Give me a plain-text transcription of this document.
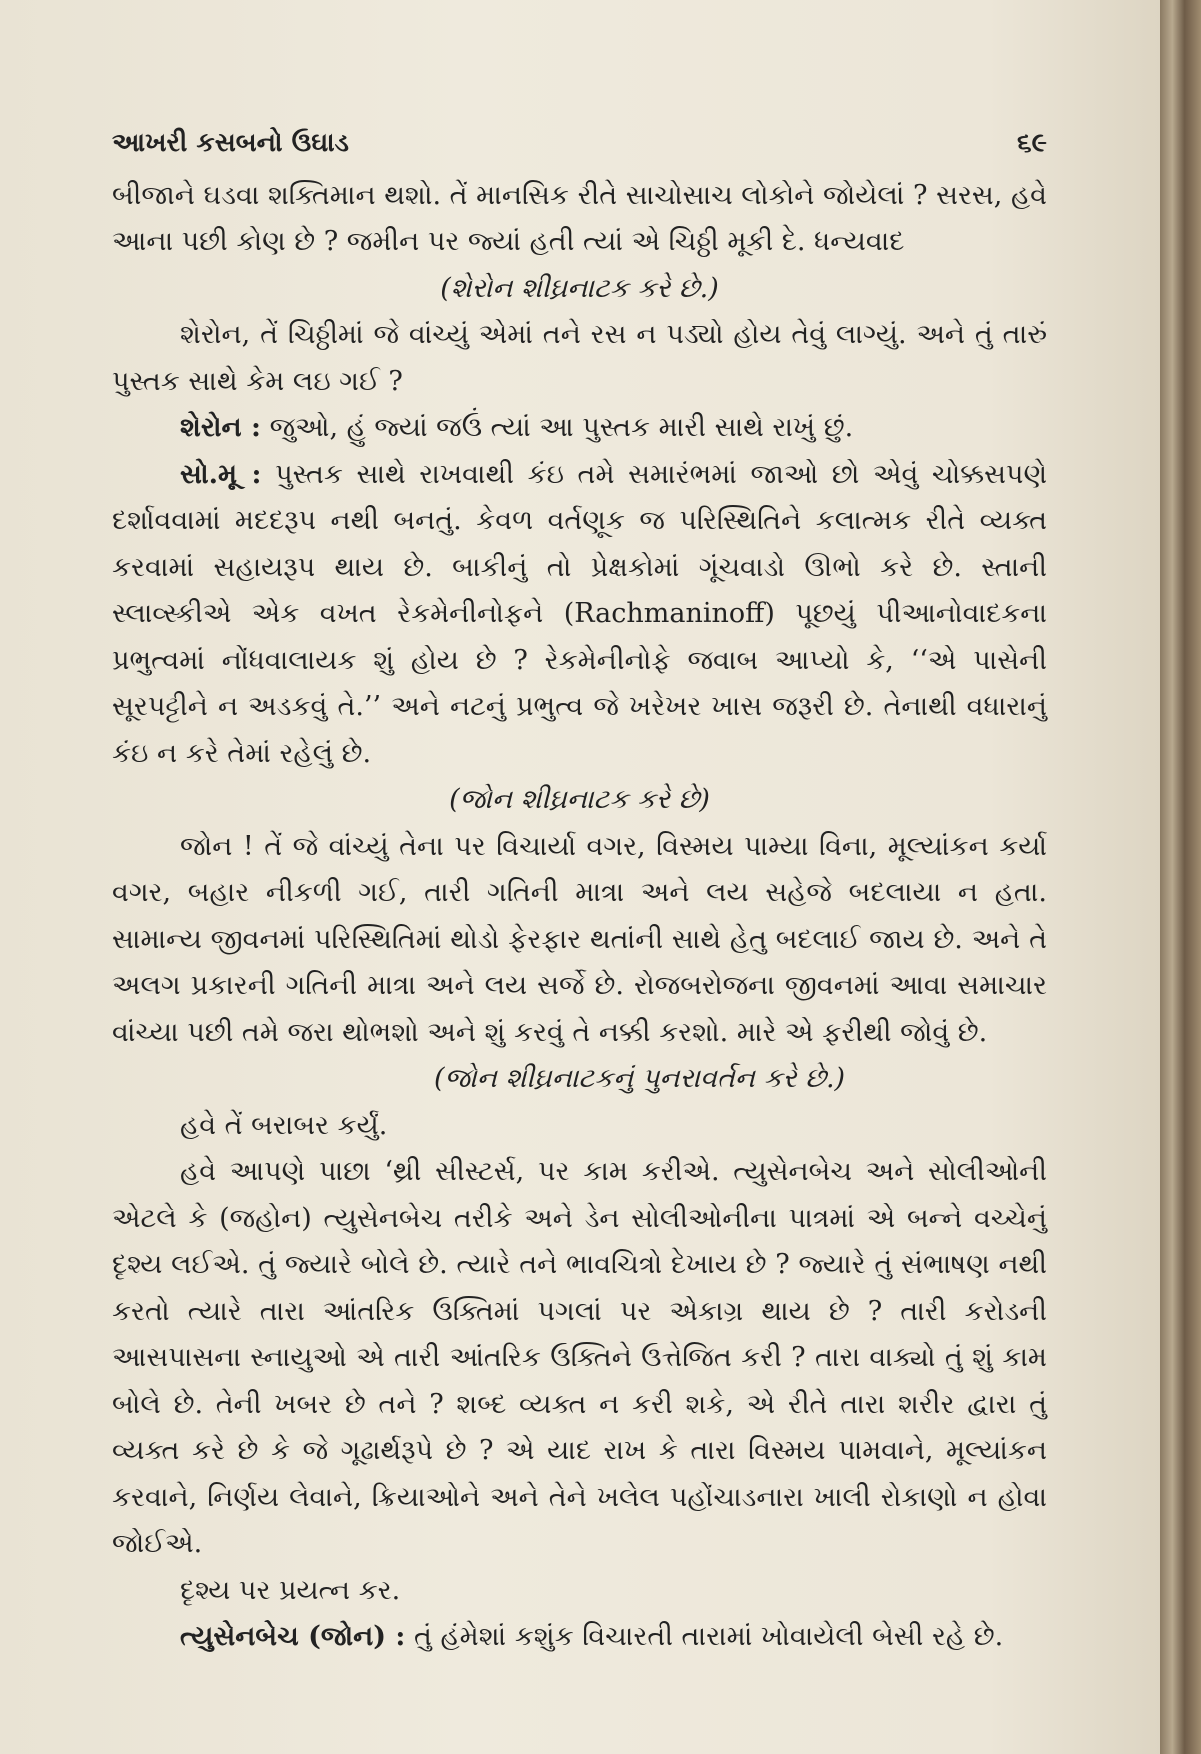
આખરી કસબનો ઉઘાડ	૬૯

બીજાને ઘડવા શક્તિમાન થશો. તેં માનસિક રીતે સાચોસાચ લોકોને જોયેલાં ? સરસ, હવે આના પછી કોણ છે ? જમીન પર જ્યાં હતી ત્યાં એ ચિઠ્ઠી મૂકી દે. ધન્યવાદ

(શેરોન શીઘ્રનાટક કરે છે.)

શેરોન, તેં ચિઠ્ઠીમાં જે વાંચ્યું એમાં તને રસ ન પડ્યો હોય તેવું લાગ્યું. અને તું તારું પુસ્તક સાથે કેમ લઇ ગઈ ?

શેરોન : જુઓ, હું જ્યાં જઉં ત્યાં આ પુસ્તક મારી સાથે રાખું છું.

સો.મૂ : પુસ્તક સાથે રાખવાથી કંઇ તમે સમારંભમાં જાઓ છો એવું ચોક્કસપણે દર્શાવવામાં મદદરૂપ નથી બનતું. કેવળ વર્તણૂક જ પરિસ્થિતિને કલાત્મક રીતે વ્યક્ત કરવામાં સહાયરૂપ થાય છે. બાકીનું તો પ્રેક્ષકોમાં ગૂંચવાડો ઊભો કરે છે. સ્તાની સ્લાવ્સ્કીએ એક વખત રેકમેનીનોફને (Rachmaninoff) પૂછયું પીઆનોવાદકના પ્રભુત્વમાં નોંધવાલાયક શું હોય છે ? રેકમેનીનોફે જવાબ આપ્યો કે, ‘‘એ પાસેની સૂરપટ્ટીને ન અડકવું તે.’’ અને નટનું પ્રભુત્વ જે ખરેખર ખાસ જરૂરી છે. તેનાથી વધારાનું કંઇ ન કરે તેમાં રહેલું છે.

(જોન શીઘ્રનાટક કરે છે)

જોન ! તેં જે વાંચ્યું તેના પર વિચાર્યા વગર, વિસ્મય પામ્યા વિના, મૂલ્યાંકન કર્યા વગર, બહાર નીકળી ગઈ, તારી ગતિની માત્રા અને લય સહેજે બદલાયા ન હતા. સામાન્ય જીવનમાં પરિસ્થિતિમાં થોડો ફેરફાર થતાંની સાથે હેતુ બદલાઈ જાય છે. અને તે અલગ પ્રકારની ગતિની માત્રા અને લય સર્જે છે. રોજબરોજના જીવનમાં આવા સમાચાર વાંચ્યા પછી તમે જરા થોભશો અને શું કરવું તે નક્કી કરશો. મારે એ ફરીથી જોવું છે.

(જોન શીઘ્રનાટકનું પુનરાવર્તન કરે છે.)

હવે તેં બરાબર કર્યું.

હવે આપણે પાછા ‘થ્રી સીસ્ટર્સ, પર કામ કરીએ. ત્યુસેનબેચ અને સોલીઓની એટલે કે (જહોન) ત્યુસેનબેચ તરીકે અને ડેન સોલીઓનીના પાત્રમાં એ બન્ને વચ્ચેનું દૃશ્ય લઈએ. તું જ્યારે બોલે છે. ત્યારે તને ભાવચિત્રો દેખાય છે ? જ્યારે તું સંભાષણ નથી કરતો ત્યારે તારા આંતરિક ઉક્તિમાં પગલાં પર એકાગ્ર થાય છે ? તારી કરોડની આસપાસના સ્નાયુઓ એ તારી આંતરિક ઉક્તિને ઉત્તેજિત કરી ? તારા વાક્યો તું શું કામ બોલે છે. તેની ખબર છે તને ? શબ્દ વ્યક્ત ન કરી શકે, એ રીતે તારા શરીર દ્વારા તું વ્યક્ત કરે છે કે જે ગૂઢાર્થરૂપે છે ? એ યાદ રાખ કે તારા વિસ્મય પામવાને, મૂલ્યાંકન કરવાને, નિર્ણય લેવાને, ક્રિયાઓને અને તેને ખલેલ પહોંચાડનારા ખાલી રોકાણો ન હોવા જોઈએ.

દૃશ્ય પર પ્રયત્ન કર.

ત્યુસેનબેચ (જોન) : તું હંમેશાં કશુંક વિચારતી તારામાં ખોવાયેલી બેસી રહે છે.
